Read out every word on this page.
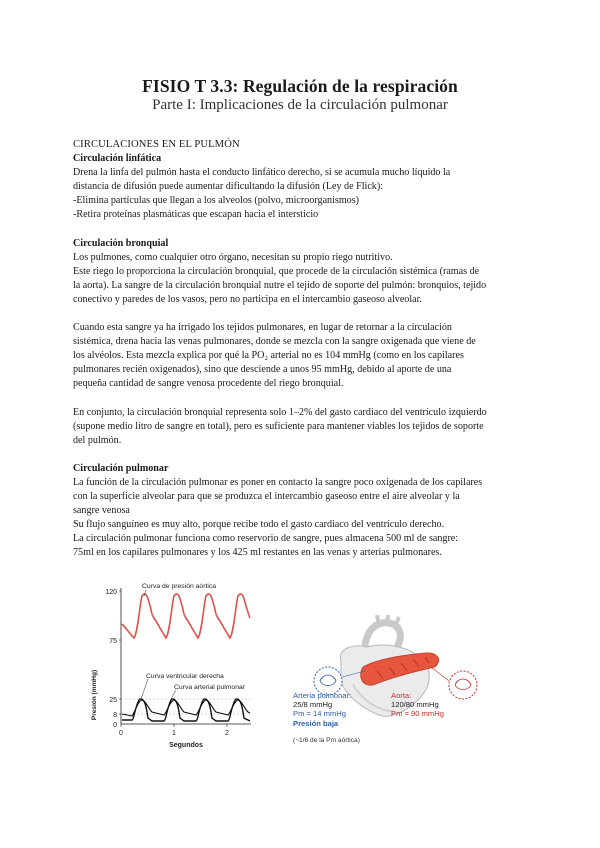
FISIO T 3.3: Regulación de la respiración
Parte I: Implicaciones de la circulación pulmonar

CIRCULACIONES EN EL PULMÓN

Circulación linfática

Drena la linfa del pulmón hasta el conducto linfático derecho, si se acumula mucho líquido la

distancia de difusión puede aumentar dificultando la difusión (Ley de Flick):

-Elimina partículas que llegan a los alveolos (polvo, microorganismos)

-Retira proteínas plasmáticas que escapan hacia el intersticio

Circulación bronquial

Los pulmones, como cualquier otro órgano, necesitan su propio riego nutritivo.

Este riego lo proporciona la circulación bronquial, que procede de la circulación sistémica (ramas de

la aorta). La sangre de la circulación bronquial nutre el tejido de soporte del pulmón: bronquios, tejido

conectivo y paredes de los vasos, pero no participa en el intercambio gaseoso alveolar.

Cuando esta sangre ya ha irrigado los tejidos pulmonares, en lugar de retornar a la circulación

sistémica, drena hacia las venas pulmonares, donde se mezcla con la sangre oxigenada que viene de

los alvéolos. Esta mezcla explica por qué la PO₂ arterial no es 104 mmHg (como en los capilares

pulmonares recién oxigenados), sino que desciende a unos 95 mmHg, debido al aporte de una

pequeña cantidad de sangre venosa procedente del riego bronquial.

En conjunto, la circulación bronquial representa solo 1–2% del gasto cardiaco del ventrículo izquierdo

(supone medio litro de sangre en total), pero es suficiente para mantener viables los tejidos de soporte

del pulmón.

Circulación pulmonar

La función de la circulación pulmonar es poner en contacto la sangre poco oxigenada de los capilares

con la superficie alveolar para que se produzca el intercambio gaseoso entre el aire alveolar y la

sangre venosa

Su flujo sanguíneo es muy alto, porque recibe todo el gasto cardiaco del ventrículo derecho.

La circulación pulmonar funciona como reservorio de sangre, pues almacena 500 ml de sangre:

75ml en los capilares pulmonares y los 425 ml restantes en las venas y arterias pulmonares.

Presión (mmHg)
120
75
25
8
0
0	1	2
Segundos
Curva de presión aórtica
Curva ventricular derecha
Curva arterial pulmonar
Arteria pulmonar:
25/8 mmHg
Pm = 14 mmHg
Presión baja
Aorta:
120/80 mmHg
Pm = 90 mmHg
(~1/6 de la Pm aórtica)
